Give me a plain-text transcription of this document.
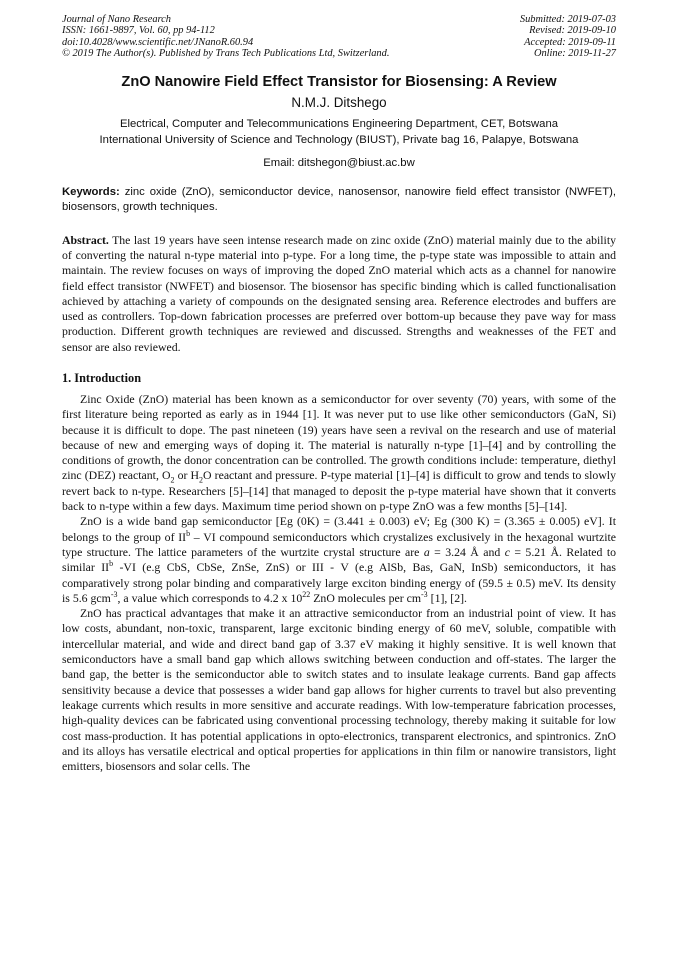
Journal of Nano Research
ISSN: 1661-9897, Vol. 60, pp 94-112
doi:10.4028/www.scientific.net/JNanoR.60.94
© 2019 The Author(s). Published by Trans Tech Publications Ltd, Switzerland.
Submitted: 2019-07-03
Revised: 2019-09-10
Accepted: 2019-09-11
Online: 2019-11-27
ZnO Nanowire Field Effect Transistor for Biosensing: A Review
N.M.J. Ditshego
Electrical, Computer and Telecommunications Engineering Department, CET, Botswana
International University of Science and Technology (BIUST), Private bag 16, Palapye, Botswana
Email: ditshegon@biust.ac.bw
Keywords: zinc oxide (ZnO), semiconductor device, nanosensor, nanowire field effect transistor (NWFET), biosensors, growth techniques.
Abstract. The last 19 years have seen intense research made on zinc oxide (ZnO) material mainly due to the ability of converting the natural n-type material into p-type. For a long time, the p-type state was impossible to attain and maintain. The review focuses on ways of improving the doped ZnO material which acts as a channel for nanowire field effect transistor (NWFET) and biosensor. The biosensor has specific binding which is called functionalisation achieved by attaching a variety of compounds on the designated sensing area. Reference electrodes and buffers are used as controllers. Top-down fabrication processes are preferred over bottom-up because they pave way for mass production. Different growth techniques are reviewed and discussed. Strengths and weaknesses of the FET and sensor are also reviewed.
1. Introduction

Zinc Oxide (ZnO) material has been known as a semiconductor for over seventy (70) years, with some of the first literature being reported as early as in 1944 [1]. It was never put to use like other semiconductors (GaN, Si) because it is difficult to dope. The past nineteen (19) years have seen a revival on the research and use of material because of new and emerging ways of doping it. The material is naturally n-type [1]–[4] and by controlling the conditions of growth, the donor concentration can be controlled. The growth conditions include: temperature, diethyl zinc (DEZ) reactant, $O_2$ or $H_2O$ reactant and pressure. P-type material [1]–[4] is difficult to grow and tends to slowly revert back to n-type. Researchers [5]–[14] that managed to deposit the p-type material have shown that it converts back to n-type within a few days. Maximum time period shown on p-type ZnO was a few months [5]–[14].

ZnO is a wide band gap semiconductor [Eg (0K) = (3.441 ± 0.003) eV; Eg (300 K) = (3.365 ± 0.005) eV]. It belongs to the group of $II^b$ – VI compound semiconductors which crystalizes exclusively in the hexagonal wurtzite type structure. The lattice parameters of the wurtzite crystal structure are a = 3.24 Å and c = 5.21 Å. Related to similar $II^b$ -VI (e.g CbS, CbSe, ZnSe, ZnS) or III - V (e.g AlSb, Bas, GaN, InSb) semiconductors, it has comparatively strong polar binding and comparatively large exciton binding energy of (59.5 ± 0.5) meV. Its density is 5.6 gcm$^{-3}$, a value which corresponds to 4.2 x $10^{22}$ ZnO molecules per $cm^{-3}$ [1], [2].

ZnO has practical advantages that make it an attractive semiconductor from an industrial point of view. It has low costs, abundant, non-toxic, transparent, large excitonic binding energy of 60 meV, soluble, compatible with intercellular material, and wide and direct band gap of 3.37 eV making it highly sensitive. It is well known that semiconductors have a small band gap which allows switching between conduction and off-states. The larger the band gap, the better is the semiconductor able to switch states and to insulate leakage currents. Band gap affects sensitivity because a device that possesses a wider band gap allows for higher currents to travel but also preventing leakage currents which results in more sensitive and accurate readings. With low-temperature fabrication processes, high-quality devices can be fabricated using conventional processing technology, thereby making it suitable for low cost mass-production. It has potential applications in opto-electronics, transparent electronics, and spintronics. ZnO and its alloys has versatile electrical and optical properties for applications in thin film or nanowire transistors, light emitters, biosensors and solar cells. The
